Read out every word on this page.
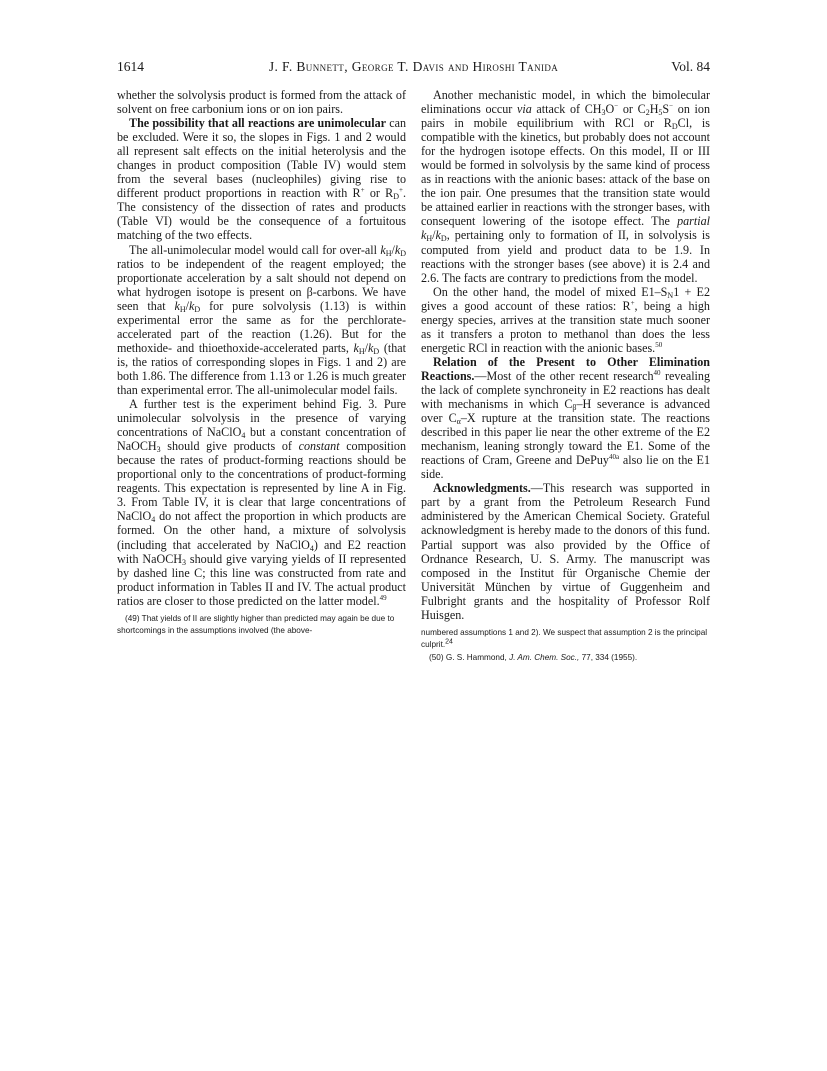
1614	J. F. Bunnett, George T. Davis and Hiroshi Tanida	Vol. 84

whether the solvolysis product is formed from the attack of solvent on free carbonium ions or on ion pairs.

The possibility that all reactions are unimolecular can be excluded. Were it so, the slopes in Figs. 1 and 2 would all represent salt effects on the initial heterolysis and the changes in product composition (Table IV) would stem from the several bases (nucleophiles) giving rise to different product proportions in reaction with R+ or $R_D^+$. The consistency of the dissection of rates and products (Table VI) would be the consequence of a fortuitous matching of the two effects.

The all-unimolecular model would call for over-all $k_H/k_D$ ratios to be independent of the reagent employed; the proportionate acceleration by a salt should not depend on what hydrogen isotope is present on β-carbons. We have seen that $k_H/k_D$ for pure solvolysis (1.13) is within experimental error the same as for the perchlorate-accelerated part of the reaction (1.26). But for the methoxide- and thioethoxide-accelerated parts, $k_H/k_D$ (that is, the ratios of corresponding slopes in Figs. 1 and 2) are both 1.86. The difference from 1.13 or 1.26 is much greater than experimental error. The all-unimolecular model fails.

A further test is the experiment behind Fig. 3. Pure unimolecular solvolysis in the presence of varying concentrations of NaClO$_4$ but a constant concentration of NaOCH$_3$ should give products of constant composition because the rates of product-forming reactions should be proportional only to the concentrations of product-forming reagents. This expectation is represented by line A in Fig. 3. From Table IV, it is clear that large concentrations of NaClO$_4$ do not affect the proportion in which products are formed. On the other hand, a mixture of solvolysis (including that accelerated by NaClO$_4$) and E2 reaction with NaOCH$_3$ should give varying yields of II represented by dashed line C; this line was constructed from rate and product information in Tables II and IV. The actual product ratios are closer to those predicted on the latter model.$^{49}$

(49) That yields of II are slightly higher than predicted may again be due to shortcomings in the assumptions involved (the above-

Another mechanistic model, in which the bimolecular eliminations occur via attack of $CH_3O^-$ or $C_2H_5S^-$ on ion pairs in mobile equilibrium with RCl or $R_DCl$, is compatible with the kinetics, but probably does not account for the hydrogen isotope effects. On this model, II or III would be formed in solvolysis by the same kind of process as in reactions with the anionic bases: attack of the base on the ion pair. One presumes that the transition state would be attained earlier in reactions with the stronger bases, with consequent lowering of the isotope effect. The partial $k_H/k_D$, pertaining only to formation of II, in solvolysis is computed from yield and product data to be 1.9. In reactions with the stronger bases (see above) it is 2.4 and 2.6. The facts are contrary to predictions from the model.

On the other hand, the model of mixed $E1-S_N1 + E2$ gives a good account of these ratios: R+, being a high energy species, arrives at the transition state much sooner as it transfers a proton to methanol than does the less energetic RCl in reaction with the anionic bases.$^{50}$

Relation of the Present to Other Elimination Reactions.—Most of the other recent research$^{40}$ revealing the lack of complete synchroneity in E2 reactions has dealt with mechanisms in which $C_\beta-H$ severance is advanced over $C_\alpha-X$ rupture at the transition state. The reactions described in this paper lie near the other extreme of the E2 mechanism, leaning strongly toward the E1. Some of the reactions of Cram, Greene and DePuy$^{40a}$ also lie on the E1 side.

Acknowledgments.—This research was supported in part by a grant from the Petroleum Research Fund administered by the American Chemical Society. Grateful acknowledgment is hereby made to the donors of this fund. Partial support was also provided by the Office of Ordnance Research, U. S. Army. The manuscript was composed in the Institut für Organische Chemie der Universität München by virtue of Guggenheim and Fulbright grants and the hospitality of Professor Rolf Huisgen.

numbered assumptions 1 and 2). We suspect that assumption 2 is the principal culprit.$^{24}$

(50) G. S. Hammond, J. Am. Chem. Soc., 77, 334 (1955).
